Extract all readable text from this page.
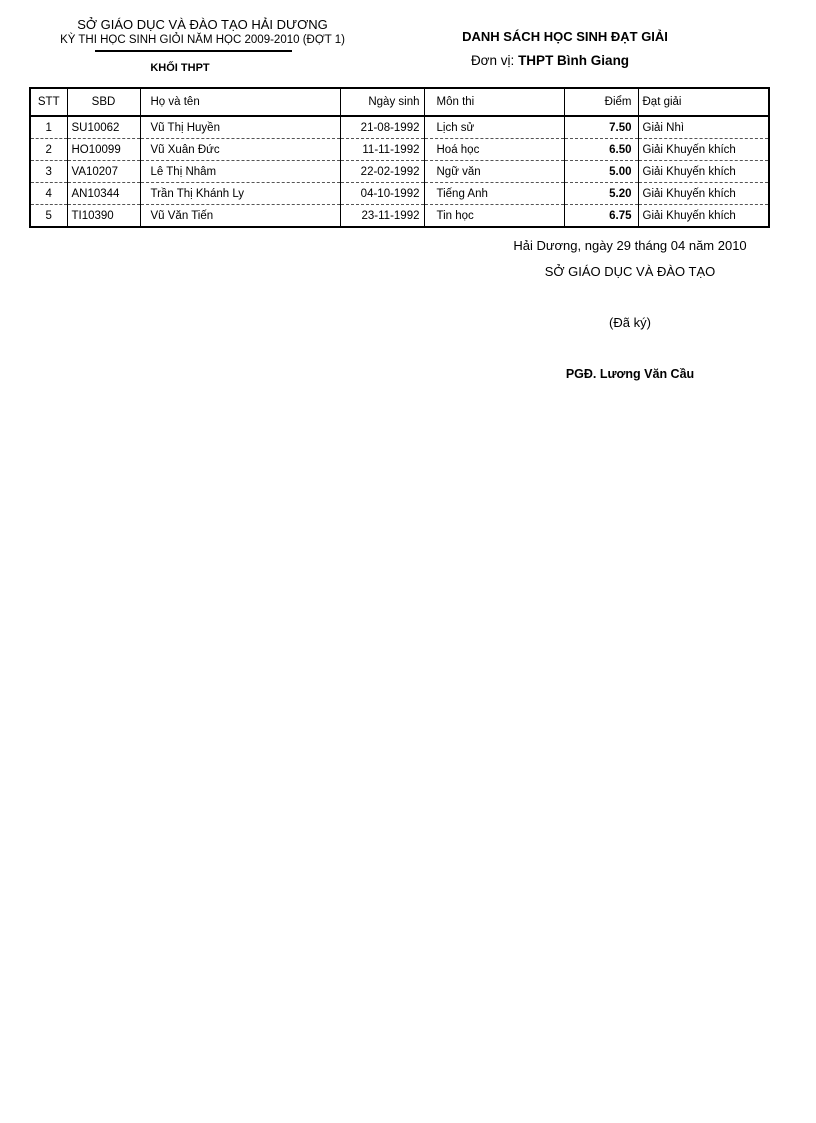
SỞ GIÁO DỤC VÀ ĐÀO TẠO HẢI DƯƠNG
KỲ THI HỌC SINH GIỎI NĂM HỌC 2009-2010 (ĐỢT 1)
KHỐI THPT
DANH SÁCH HỌC SINH ĐẠT GIẢI
Đơn vị: THPT Bình Giang
STT	SBD	Họ và tên	Ngày sinh	Môn thi	Điểm	Đạt giải
1	SU10062	Vũ Thị Huyền	21-08-1992	Lịch sử	7.50	Giải Nhì
2	HO10099	Vũ Xuân Đức	11-11-1992	Hoá học	6.50	Giải Khuyến khích
3	VA10207	Lê Thị Nhâm	22-02-1992	Ngữ văn	5.00	Giải Khuyến khích
4	AN10344	Trần Thị Khánh Ly	04-10-1992	Tiếng Anh	5.20	Giải Khuyến khích
5	TI10390	Vũ Văn Tiến	23-11-1992	Tin học	6.75	Giải Khuyến khích
Hải Dương, ngày 29 tháng 04 năm 2010
SỞ GIÁO DỤC VÀ ĐÀO TẠO
(Đã ký)
PGĐ. Lương Văn Cầu
